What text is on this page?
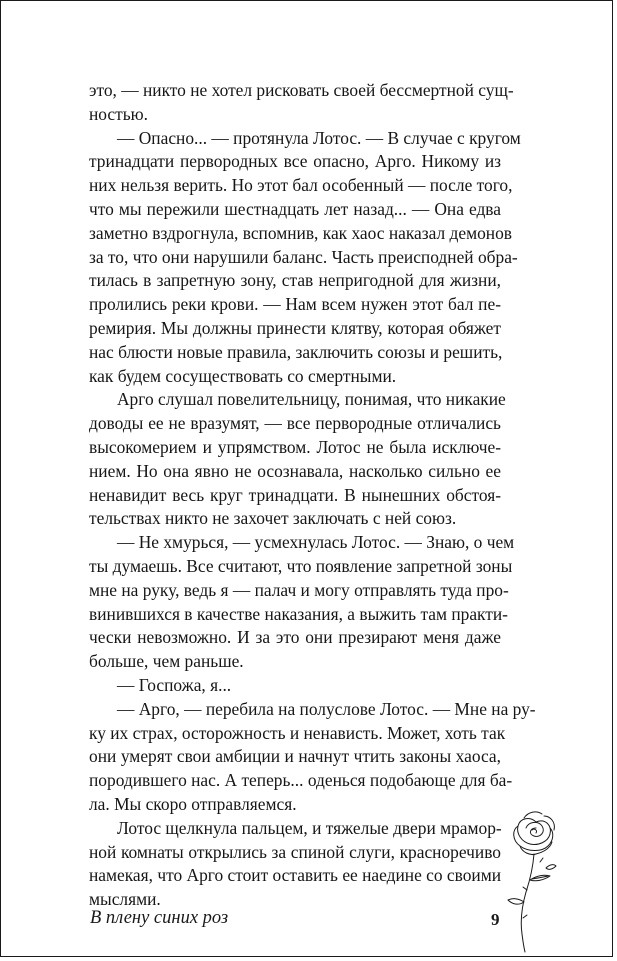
это, — никто не хотел рисковать своей бессмертной сущ-
ностью.
— Опасно... — протянула Лотос. — В случае с кругом
тринадцати первородных все опасно, Арго. Никому из
них нельзя верить. Но этот бал особенный — после того,
что мы пережили шестнадцать лет назад... — Она едва
заметно вздрогнула, вспомнив, как хаос наказал демонов
за то, что они нарушили баланс. Часть преисподней обра-
тилась в запретную зону, став непригодной для жизни,
пролились реки крови. — Нам всем нужен этот бал пе-
ремирия. Мы должны принести клятву, которая обяжет
нас блюсти новые правила, заключить союзы и решить,
как будем сосуществовать со смертными.
Арго слушал повелительницу, понимая, что никакие
доводы ее не вразумят, — все первородные отличались
высокомерием и упрямством. Лотос не была исключе-
нием. Но она явно не осознавала, насколько сильно ее
ненавидит весь круг тринадцати. В нынешних обстоя-
тельствах никто не захочет заключать с ней союз.
— Не хмурься, — усмехнулась Лотос. — Знаю, о чем
ты думаешь. Все считают, что появление запретной зоны
мне на руку, ведь я — палач и могу отправлять туда про-
винившихся в качестве наказания, а выжить там практи-
чески невозможно. И за это они презирают меня даже
больше, чем раньше.
— Госпожа, я...
— Арго, — перебила на полуслове Лотос. — Мне на ру-
ку их страх, осторожность и ненависть. Может, хоть так
они умерят свои амбиции и начнут чтить законы хаоса,
породившего нас. А теперь... оденься подобающе для ба-
ла. Мы скоро отправляемся.
Лотос щелкнула пальцем, и тяжелые двери мрамор-
ной комнаты открылись за спиной слуги, красноречиво
намекая, что Арго стоит оставить ее наедине со своими
мыслями.
В плену синих роз	9
